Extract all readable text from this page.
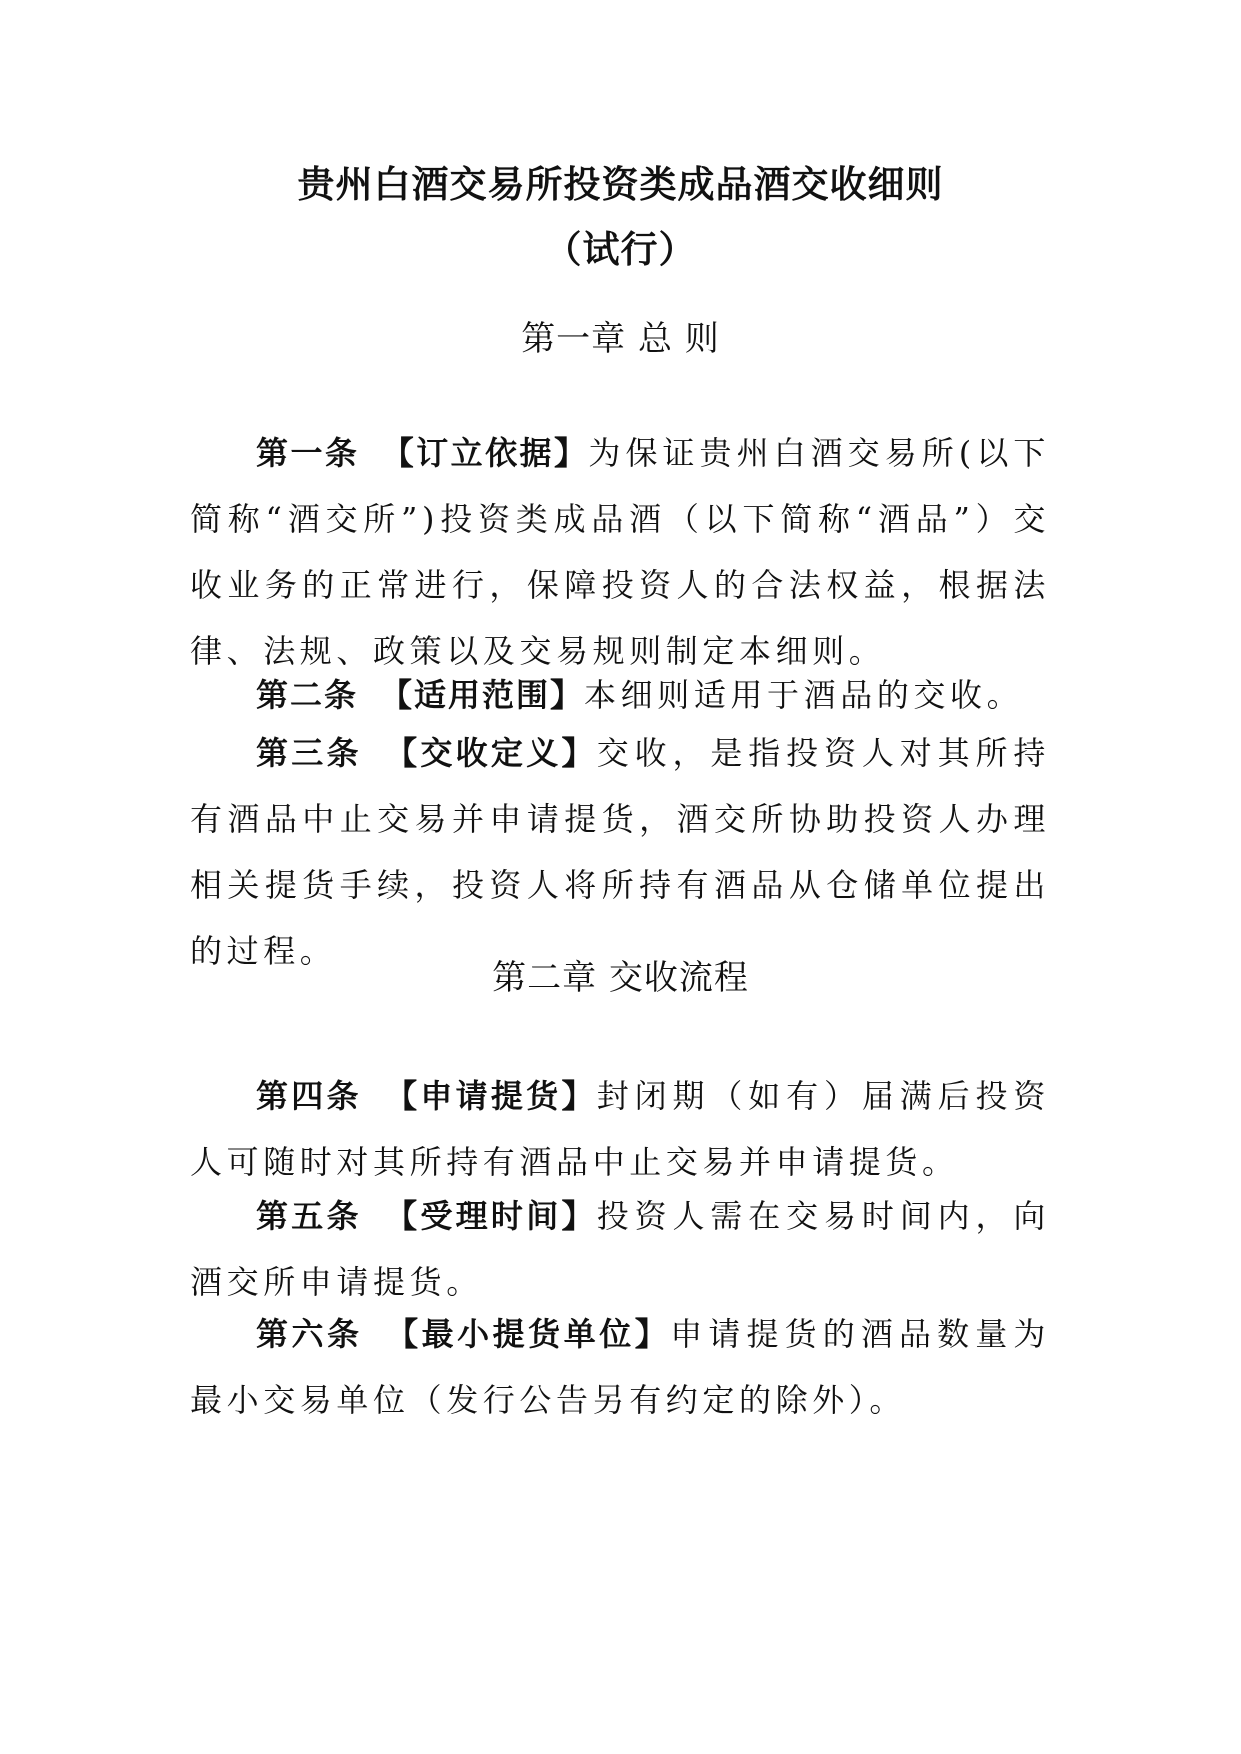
贵州白酒交易所投资类成品酒交收细则
（试行）
第一章 总 则

第一条 【订立依据】为保证贵州白酒交易所(以下简称“酒交所”)投资类成品酒（以下简称“酒品”）交收业务的正常进行，保障投资人的合法权益，根据法律、法规、政策以及交易规则制定本细则。

第二条 【适用范围】本细则适用于酒品的交收。

第三条 【交收定义】交收，是指投资人对其所持有酒品中止交易并申请提货，酒交所协助投资人办理相关提货手续，投资人将所持有酒品从仓储单位提出的过程。

第二章 交收流程

第四条 【申请提货】封闭期（如有）届满后投资人可随时对其所持有酒品中止交易并申请提货。

第五条 【受理时间】投资人需在交易时间内，向酒交所申请提货。

第六条 【最小提货单位】申请提货的酒品数量为最小交易单位（发行公告另有约定的除外）。
